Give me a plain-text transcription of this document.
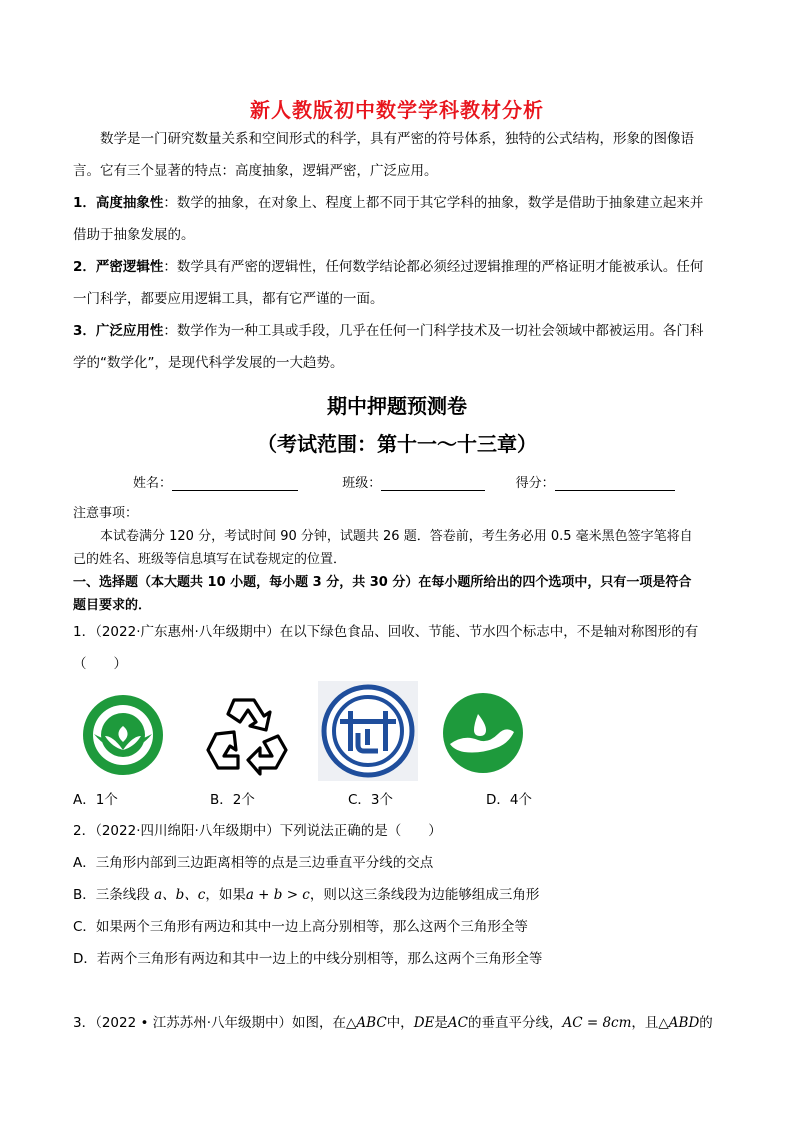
新人教版初中数学学科教材分析
数学是一门研究数量关系和空间形式的科学，具有严密的符号体系，独特的公式结构，形象的图像语
言。它有三个显著的特点：高度抽象，逻辑严密，广泛应用。
1．高度抽象性：数学的抽象，在对象上、程度上都不同于其它学科的抽象，数学是借助于抽象建立起来并
借助于抽象发展的。
2．严密逻辑性：数学具有严密的逻辑性，任何数学结论都必须经过逻辑推理的严格证明才能被承认。任何
一门科学，都要应用逻辑工具，都有它严谨的一面。
3．广泛应用性：数学作为一种工具或手段，几乎在任何一门科学技术及一切社会领域中都被运用。各门科
学的“数学化”，是现代科学发展的一大趋势。
期中押题预测卷
（考试范围：第十一～十三章）
姓名：	班级：	得分：
注意事项：
本试卷满分 120 分，考试时间 90 分钟，试题共 26 题．答卷前，考生务必用 0.5 毫米黑色签字笔将自
己的姓名、班级等信息填写在试卷规定的位置．
一、选择题（本大题共 10 小题，每小题 3 分，共 30 分）在每小题所给出的四个选项中，只有一项是符合
题目要求的．
1．（2022·广东惠州·八年级期中）在以下绿色食品、回收、节能、节水四个标志中，不是轴对称图形的有
（　　）
A．1个	B．2个	C．3个	D．4个
2．（2022·四川绵阳·八年级期中）下列说法正确的是（　　）
A．三角形内部到三边距离相等的点是三边垂直平分线的交点
B．三条线段 a、b、c，如果a + b > c，则以这三条线段为边能够组成三角形
C．如果两个三角形有两边和其中一边上高分别相等，那么这两个三角形全等
D．若两个三角形有两边和其中一边上的中线分别相等，那么这两个三角形全等
3．（2022 • 江苏苏州·八年级期中）如图，在△ABC中，DE是AC的垂直平分线，AC = 8cm，且△ABD的
